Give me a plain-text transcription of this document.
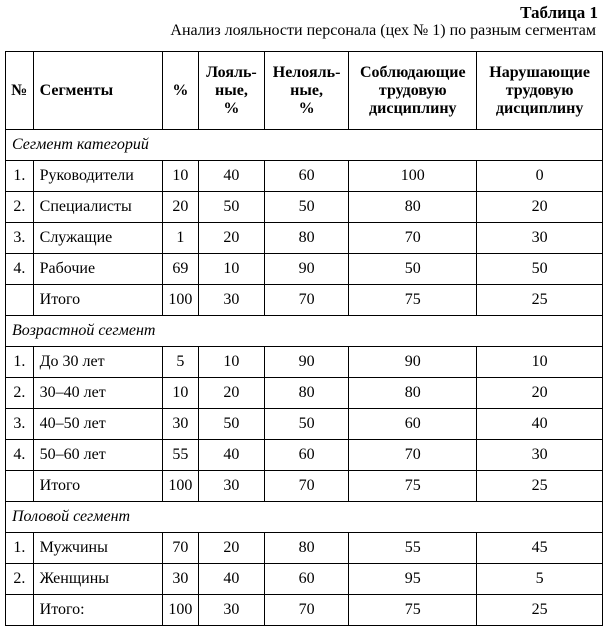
Таблица 1
Анализ лояльности персонала (цех № 1) по разным сегментам
№	Сегменты	%	Лояль-
ные,
%	Нелояль-
ные,
%	Соблюдающие
трудовую
дисциплину	Нарушающие
трудовую
дисциплину
Сегмент категорий						
1.	Руководители	10	40	60	100	0
2.	Специалисты	20	50	50	80	20
3.	Служащие	1	20	80	70	30
4.	Рабочие	69	10	90	50	50
	Итого	100	30	70	75	25
Возрастной сегмент						
1.	До 30 лет	5	10	90	90	10
2.	30–40 лет	10	20	80	80	20
3.	40–50 лет	30	50	50	60	40
4.	50–60 лет	55	40	60	70	30
	Итого	100	30	70	75	25
Половой сегмент						
1.	Мужчины	70	20	80	55	45
2.	Женщины	30	40	60	95	5
	Итого:	100	30	70	75	25
